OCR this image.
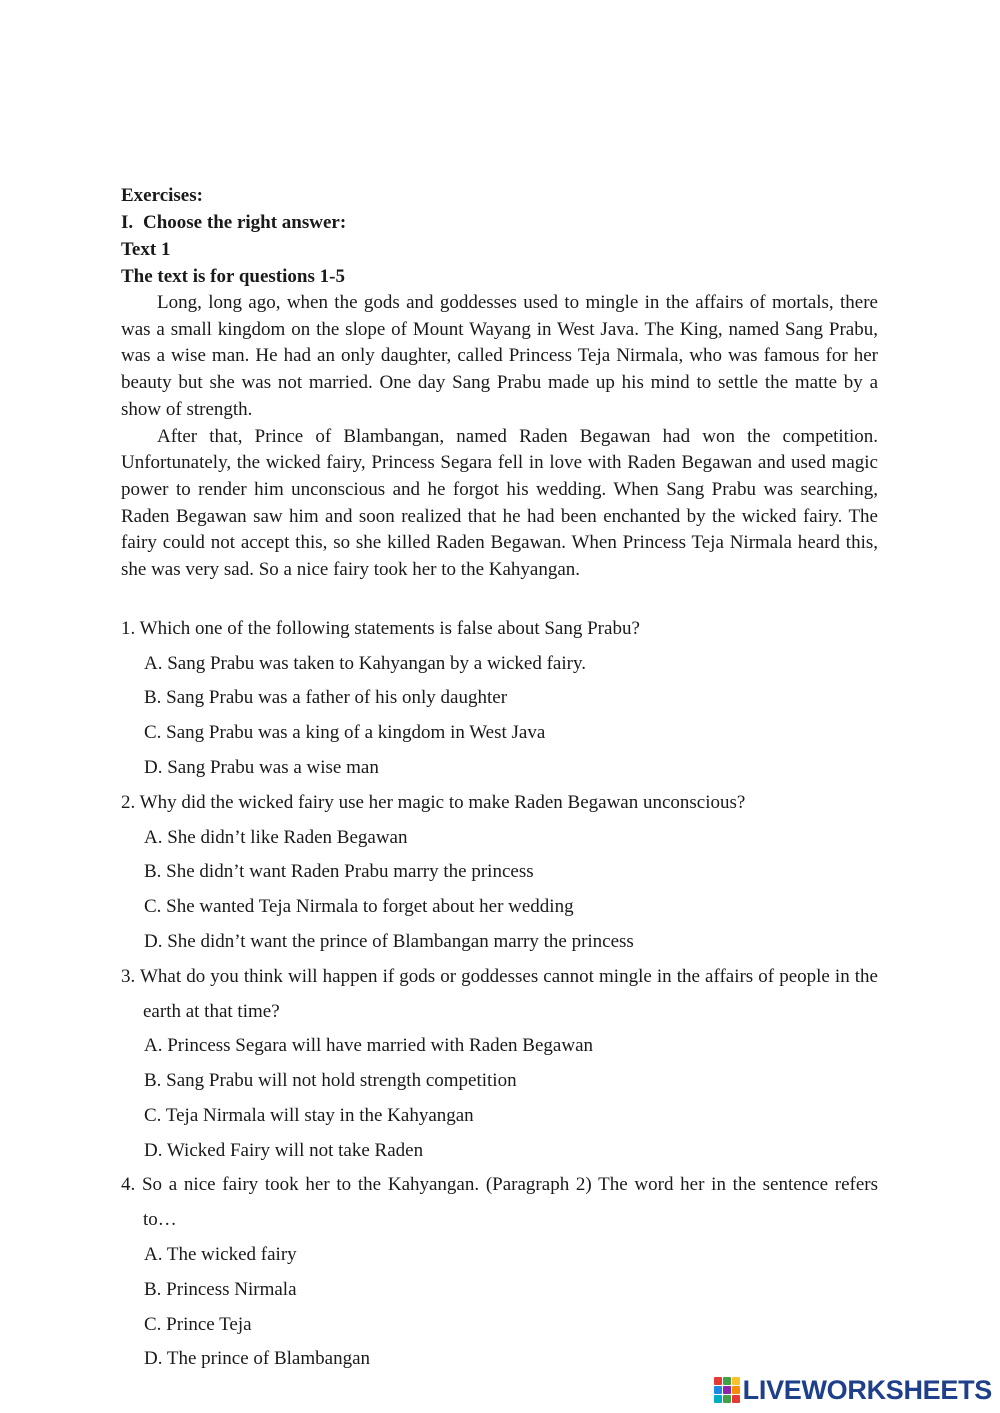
Exercises:
I. Choose the right answer:
Text 1
The text is for questions 1-5

Long, long ago, when the gods and goddesses used to mingle in the affairs of mortals, there was a small kingdom on the slope of Mount Wayang in West Java. The King, named Sang Prabu, was a wise man. He had an only daughter, called Princess Teja Nirmala, who was famous for her beauty but she was not married. One day Sang Prabu made up his mind to settle the matte by a show of strength.

After that, Prince of Blambangan, named Raden Begawan had won the competition. Unfortunately, the wicked fairy, Princess Segara fell in love with Raden Begawan and used magic power to render him unconscious and he forgot his wedding. When Sang Prabu was searching, Raden Begawan saw him and soon realized that he had been enchanted by the wicked fairy. The fairy could not accept this, so she killed Raden Begawan. When Princess Teja Nirmala heard this, she was very sad. So a nice fairy took her to the Kahyangan.

1. Which one of the following statements is false about Sang Prabu?
A. Sang Prabu was taken to Kahyangan by a wicked fairy.
B. Sang Prabu was a father of his only daughter
C. Sang Prabu was a king of a kingdom in West Java
D. Sang Prabu was a wise man
2. Why did the wicked fairy use her magic to make Raden Begawan unconscious?
A. She didn’t like Raden Begawan
B. She didn’t want Raden Prabu marry the princess
C. She wanted Teja Nirmala to forget about her wedding
D. She didn’t want the prince of Blambangan marry the princess
3. What do you think will happen if gods or goddesses cannot mingle in the affairs of people in the earth at that time?
A. Princess Segara will have married with Raden Begawan
B. Sang Prabu will not hold strength competition
C. Teja Nirmala will stay in the Kahyangan
D. Wicked Fairy will not take Raden
4. So a nice fairy took her to the Kahyangan. (Paragraph 2) The word her in the sentence refers to…
A. The wicked fairy
B. Princess Nirmala
C. Prince Teja
D. The prince of Blambangan
LIVEWORKSHEETS
